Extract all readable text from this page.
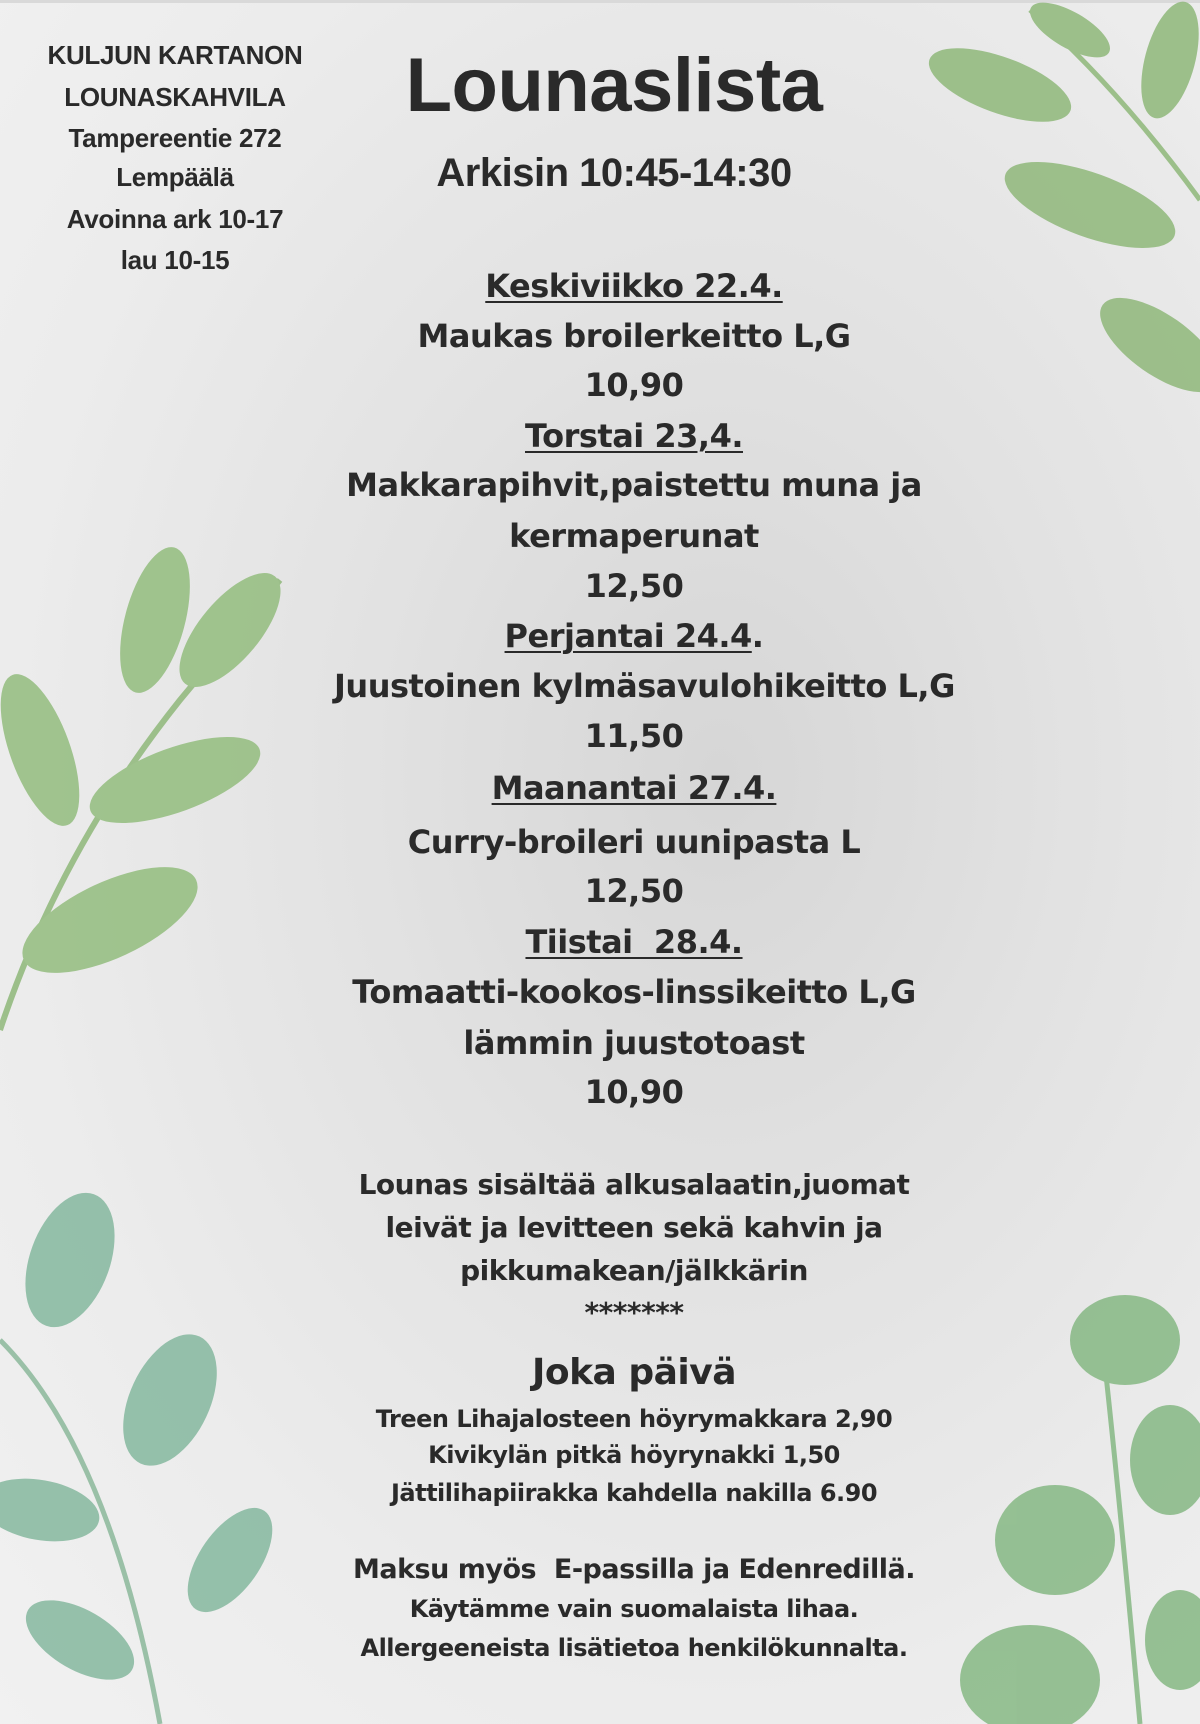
KULJUN KARTANON
LOUNASKAHVILA
Tampereentie 272
Lempäälä
Avoinna ark 10-17
lau 10-15
Lounaslista
Arkisin 10:45-14:30
Keskiviikko 22.4.
Maukas broilerkeitto L,G
10,90
Torstai 23,4.
Makkarapihvit,paistettu muna ja
kermaperunat
12,50
Perjantai 24.4.
Juustoinen kylmäsavulohikeitto L,G
11,50
Maanantai 27.4.
Curry-broileri uunipasta L
12,50
Tiistai  28.4.
Tomaatti-kookos-linssikeitto L,G
lämmin juustotoast
10,90
Lounas sisältää alkusalaatin,juomat
leivät ja levitteen sekä kahvin ja
pikkumakean/jälkkärin
*******
Joka päivä
Treen Lihajalosteen höyrymakkara 2,90
Kivikylän pitkä höyrynakki 1,50
Jättilihapiirakka kahdella nakilla 6.90
Maksu myös  E-passilla ja Edenredillä.
Käytämme vain suomalaista lihaa.
Allergeeneista lisätietoa henkilökunnalta.
